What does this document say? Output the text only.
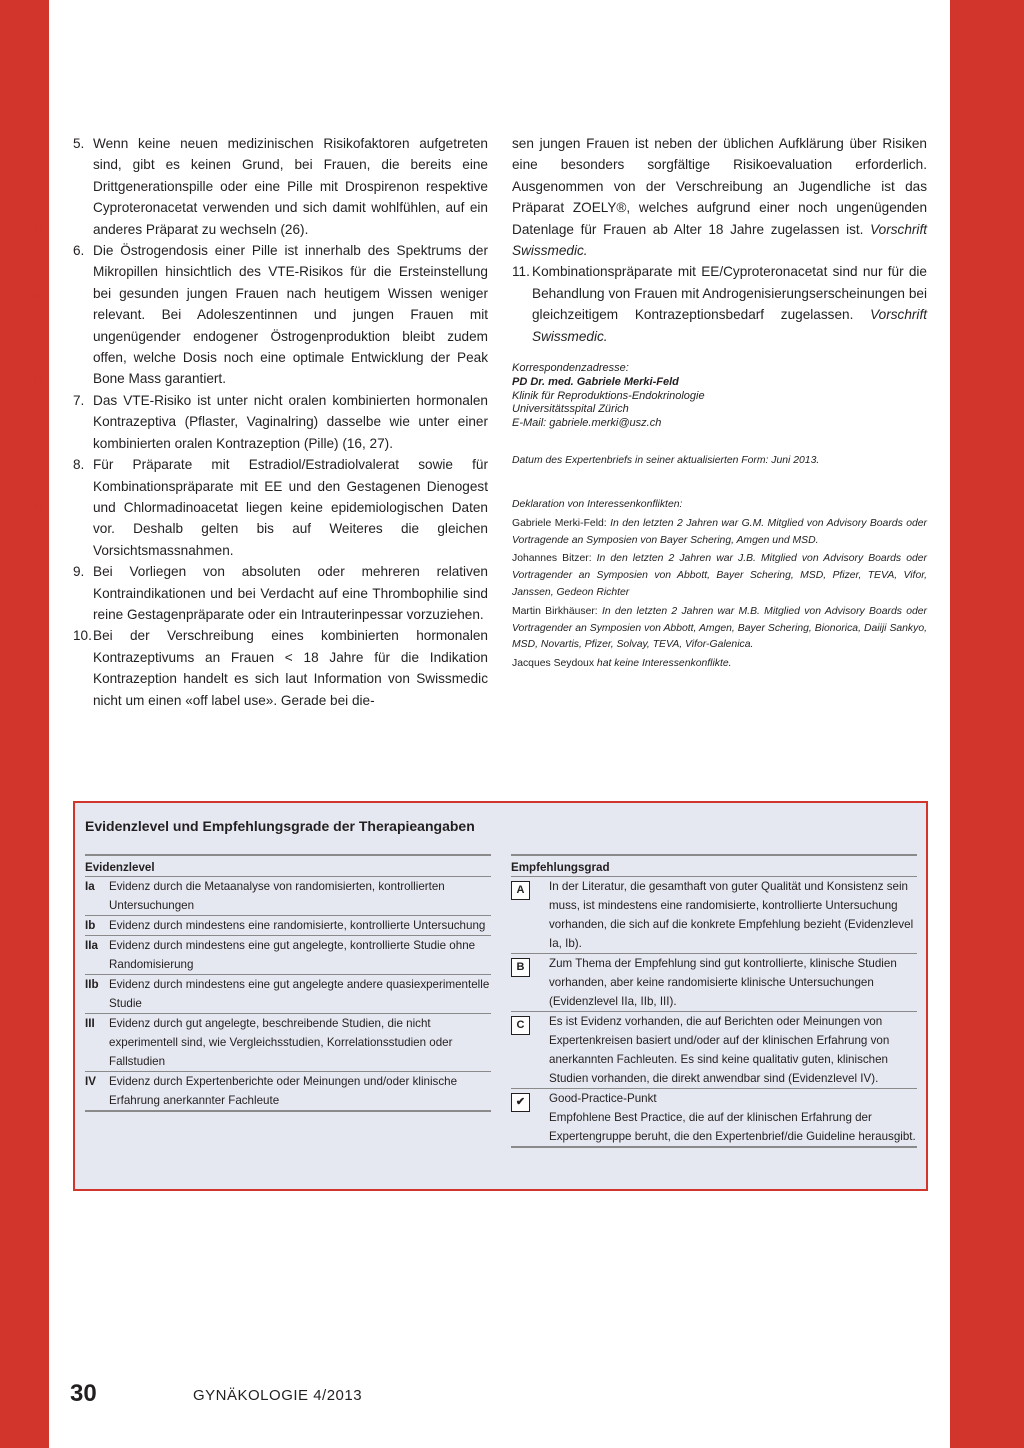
IIa
IIa
IV
IIa
5. Wenn keine neuen medizinischen Risikofaktoren aufgetreten sind, gibt es keinen Grund, bei Frauen, die bereits eine Drittgenerationspille oder eine Pille mit Drospirenon respektive Cyproteronacetat verwenden und sich damit wohlfühlen, auf ein anderes Präparat zu wechseln (26).
6. Die Östrogendosis einer Pille ist innerhalb des Spektrums der Mikropillen hinsichtlich des VTE-Risikos für die Ersteinstellung bei gesunden jungen Frauen nach heutigem Wissen weniger relevant. Bei Adoleszentinnen und jungen Frauen mit ungenügender endogener Östrogenproduktion bleibt zudem offen, welche Dosis noch eine optimale Entwicklung der Peak Bone Mass garantiert.
7. Das VTE-Risiko ist unter nicht oralen kombinierten hormonalen Kontrazeptiva (Pflaster, Vaginalring) dasselbe wie unter einer kombinierten oralen Kontrazeption (Pille) (16, 27).
8. Für Präparate mit Estradiol/Estradiolvalerat sowie für Kombinationspräparate mit EE und den Gestagenen Dienogest und Chlormadinoacetat liegen keine epidemiologischen Daten vor. Deshalb gelten bis auf Weiteres die gleichen Vorsichtsmassnahmen.
9. Bei Vorliegen von absoluten oder mehreren relativen Kontraindikationen und bei Verdacht auf eine Thrombophilie sind reine Gestagenpräparate oder ein Intrauterinpessar vorzuziehen.
10. Bei der Verschreibung eines kombinierten hormonalen Kontrazeptivums an Frauen < 18 Jahre für die Indikation Kontrazeption handelt es sich laut Information von Swissmedic nicht um einen «off label use». Gerade bei die-
sen jungen Frauen ist neben der üblichen Aufklärung über Risiken eine besonders sorgfältige Risikoevaluation erforderlich. Ausgenommen von der Verschreibung an Jugendliche ist das Präparat ZOELY®, welches aufgrund einer noch ungenügenden Datenlage für Frauen ab Alter 18 Jahre zugelassen ist. Vorschrift Swissmedic.
11. Kombinationspräparate mit EE/Cyproteronacetat sind nur für die Behandlung von Frauen mit Androgenisierungserscheinungen bei gleichzeitigem Kontrazeptionsbedarf zugelassen. Vorschrift Swissmedic.
Korrespondenzadresse:
PD Dr. med. Gabriele Merki-Feld
Klinik für Reproduktions-Endokrinologie
Universitätsspital Zürich
E-Mail: gabriele.merki@usz.ch
Datum des Expertenbriefs in seiner aktualisierten Form: Juni 2013.

Deklaration von Interessenkonflikten:

Gabriele Merki-Feld: In den letzten 2 Jahren war G.M. Mitglied von Advisory Boards oder Vortragende an Symposien von Bayer Schering, Amgen und MSD.

Johannes Bitzer: In den letzten 2 Jahren war J.B. Mitglied von Advisory Boards oder Vortragender an Symposien von Abbott, Bayer Schering, MSD, Pfizer, TEVA, Vifor, Janssen, Gedeon Richter

Martin Birkhäuser: In den letzten 2 Jahren war M.B. Mitglied von Advisory Boards oder Vortragender an Symposien von Abbott, Amgen, Bayer Schering, Bionorica, Daiiji Sankyo, MSD, Novartis, Pfizer, Solvay, TEVA, Vifor-Galenica.

Jacques Seydoux hat keine Interessenkonflikte.

Evidenzlevel und Empfehlungsgrade der Therapieangaben
Evidenzlevel
Ia	Evidenz durch die Metaanalyse von randomisierten, kontrollierten Untersuchungen
Ib	Evidenz durch mindestens eine randomisierte, kontrollierte Untersuchung
IIa Evidenz durch mindestens eine gut angelegte, kontrollierte Studie ohne Randomisierung
IIb Evidenz durch mindestens eine gut angelegte andere quasiexperimentelle Studie
III	Evidenz durch gut angelegte, beschreibende Studien, die nicht experimentell sind, wie Vergleichsstudien, Korrelationsstudien oder Fallstudien
IV	Evidenz durch Expertenberichte oder Meinungen und/oder klinische Erfahrung anerkannter Fachleute
Empfehlungsgrad
A	In der Literatur, die gesamthaft von guter Qualität und Konsistenz sein muss, ist mindestens eine randomisierte, kontrollierte Untersuchung vorhanden, die sich auf die konkrete Empfehlung bezieht (Evidenzlevel Ia, Ib).
B	Zum Thema der Empfehlung sind gut kontrollierte, klinische Studien vorhanden, aber keine randomisierte klinische Untersuchungen (Evidenzlevel IIa, IIb, III).
C	Es ist Evidenz vorhanden, die auf Berichten oder Meinungen von Expertenkreisen basiert und/oder auf der klinischen Erfahrung von anerkannten Fachleuten. Es sind keine qualitativ guten, klinischen Studien vorhanden, die direkt anwendbar sind (Evidenzlevel IV).
✔	Good-Practice-Punkt
Empfohlene Best Practice, die auf der klinischen Erfahrung der Expertengruppe beruht, die den Expertenbrief/die Guideline herausgibt.
30	GYNÄKOLOGIE 4/2013
